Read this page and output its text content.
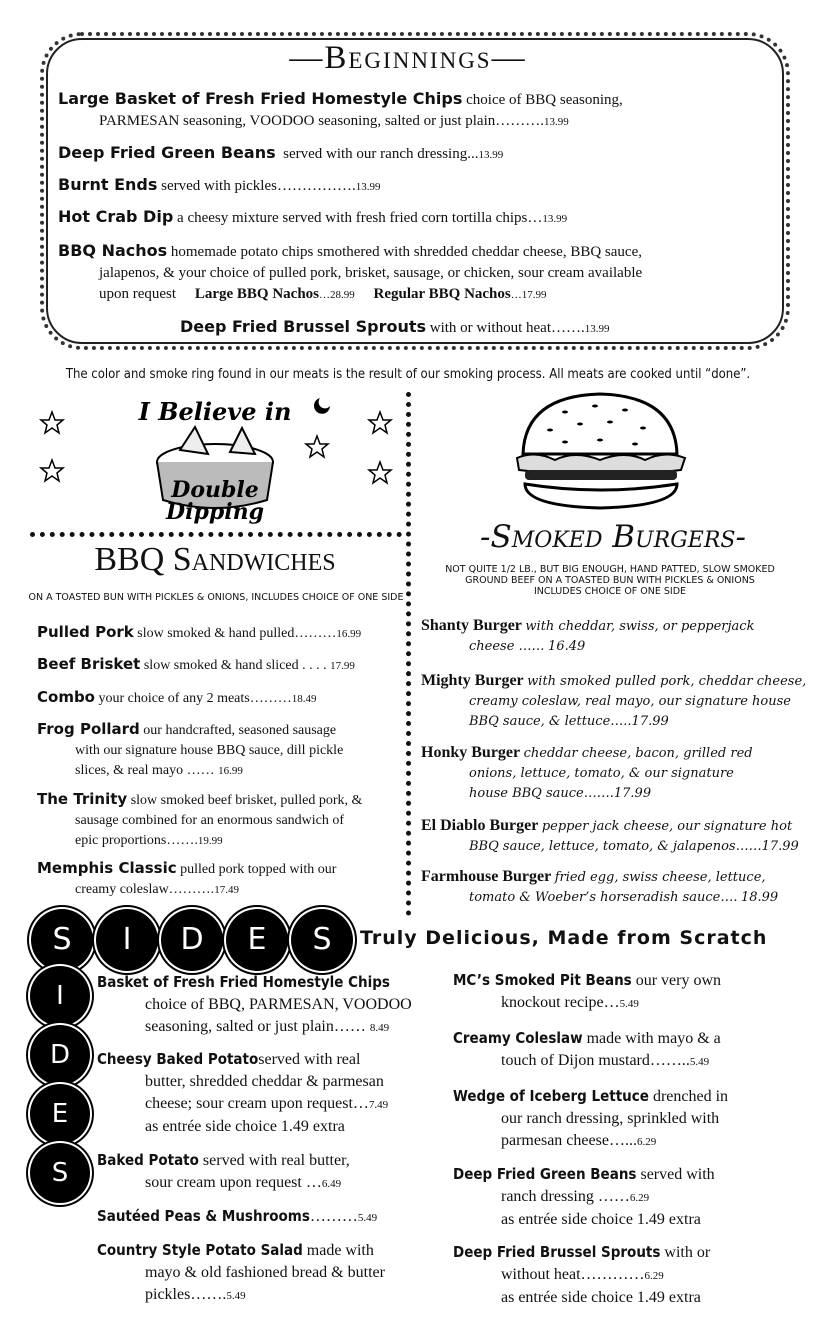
—Beginnings—
Large Basket of Fresh Fried Homestyle Chips choice of BBQ seasoning,
PARMESAN seasoning, VOODOO seasoning, salted or just plain……….13.99
Deep Fried Green Beans served with our ranch dressing...13.99
Burnt Ends served with pickles…………….13.99
Hot Crab Dip a cheesy mixture served with fresh fried corn tortilla chips…13.99
BBQ Nachos homemade potato chips smothered with shredded cheddar cheese, BBQ sauce,
jalapenos, & your choice of pulled pork, brisket, sausage, or chicken, sour cream available
upon request Large BBQ Nachos…28.99 Regular BBQ Nachos…17.99
Deep Fried Brussel Sprouts with or without heat…….13.99
The color and smoke ring found in our meats is the result of our smoking process. All meats are cooked until “done”.
I Believe in
Double
Dipping
BBQ Sandwiches
ON A TOASTED BUN WITH PICKLES & ONIONS, INCLUDES CHOICE OF ONE SIDE
Pulled Pork slow smoked & hand pulled………16.99
Beef Brisket slow smoked & hand sliced . . . . 17.99
Combo your choice of any 2 meats………18.49
Frog Pollard our handcrafted, seasoned sausage
with our signature house BBQ sauce, dill pickle
slices, & real mayo …… 16.99
The Trinity slow smoked beef brisket, pulled pork, &
sausage combined for an enormous sandwich of
epic proportions…….19.99
Memphis Classic pulled pork topped with our
creamy coleslaw……….17.49
-Smoked Burgers-
NOT QUITE 1/2 LB., BUT BIG ENOUGH, HAND PATTED, SLOW SMOKED
GROUND BEEF ON A TOASTED BUN WITH PICKLES & ONIONS
INCLUDES CHOICE OF ONE SIDE
Shanty Burger with cheddar, swiss, or pepperjack
cheese …… 16.49
Mighty Burger with smoked pulled pork, cheddar cheese,
creamy coleslaw, real mayo, our signature house
BBQ sauce, & lettuce…..17.99
Honky Burger cheddar cheese, bacon, grilled red
onions, lettuce, tomato, & our signature
house BBQ sauce…….17.99
El Diablo Burger pepper jack cheese, our signature hot
BBQ sauce, lettuce, tomato, & jalapenos……17.99
Farmhouse Burger fried egg, swiss cheese, lettuce,
tomato & Woeber’s horseradish sauce…. 18.99
S	I	D	E	S	Truly Delicious, Made from Scratch
I
D
E
S
Basket of Fresh Fried Homestyle Chips
choice of BBQ, PARMESAN, VOODOO
seasoning, salted or just plain…… 8.49
Cheesy Baked Potatoserved with real
butter, shredded cheddar & parmesan
cheese; sour cream upon request…7.49
as entrée side choice 1.49 extra
Baked Potato served with real butter,
sour cream upon request …6.49
Sautéed Peas & Mushrooms………5.49
Country Style Potato Salad made with
mayo & old fashioned bread & butter
pickles…….5.49
MC’s Smoked Pit Beans our very own
knockout recipe…5.49
Creamy Coleslaw made with mayo & a
touch of Dijon mustard……..5.49
Wedge of Iceberg Lettuce drenched in
our ranch dressing, sprinkled with
parmesan cheese…...6.29
Deep Fried Green Beans served with
ranch dressing ……6.29
as entrée side choice 1.49 extra
Deep Fried Brussel Sprouts with or
without heat…………6.29
as entrée side choice 1.49 extra
